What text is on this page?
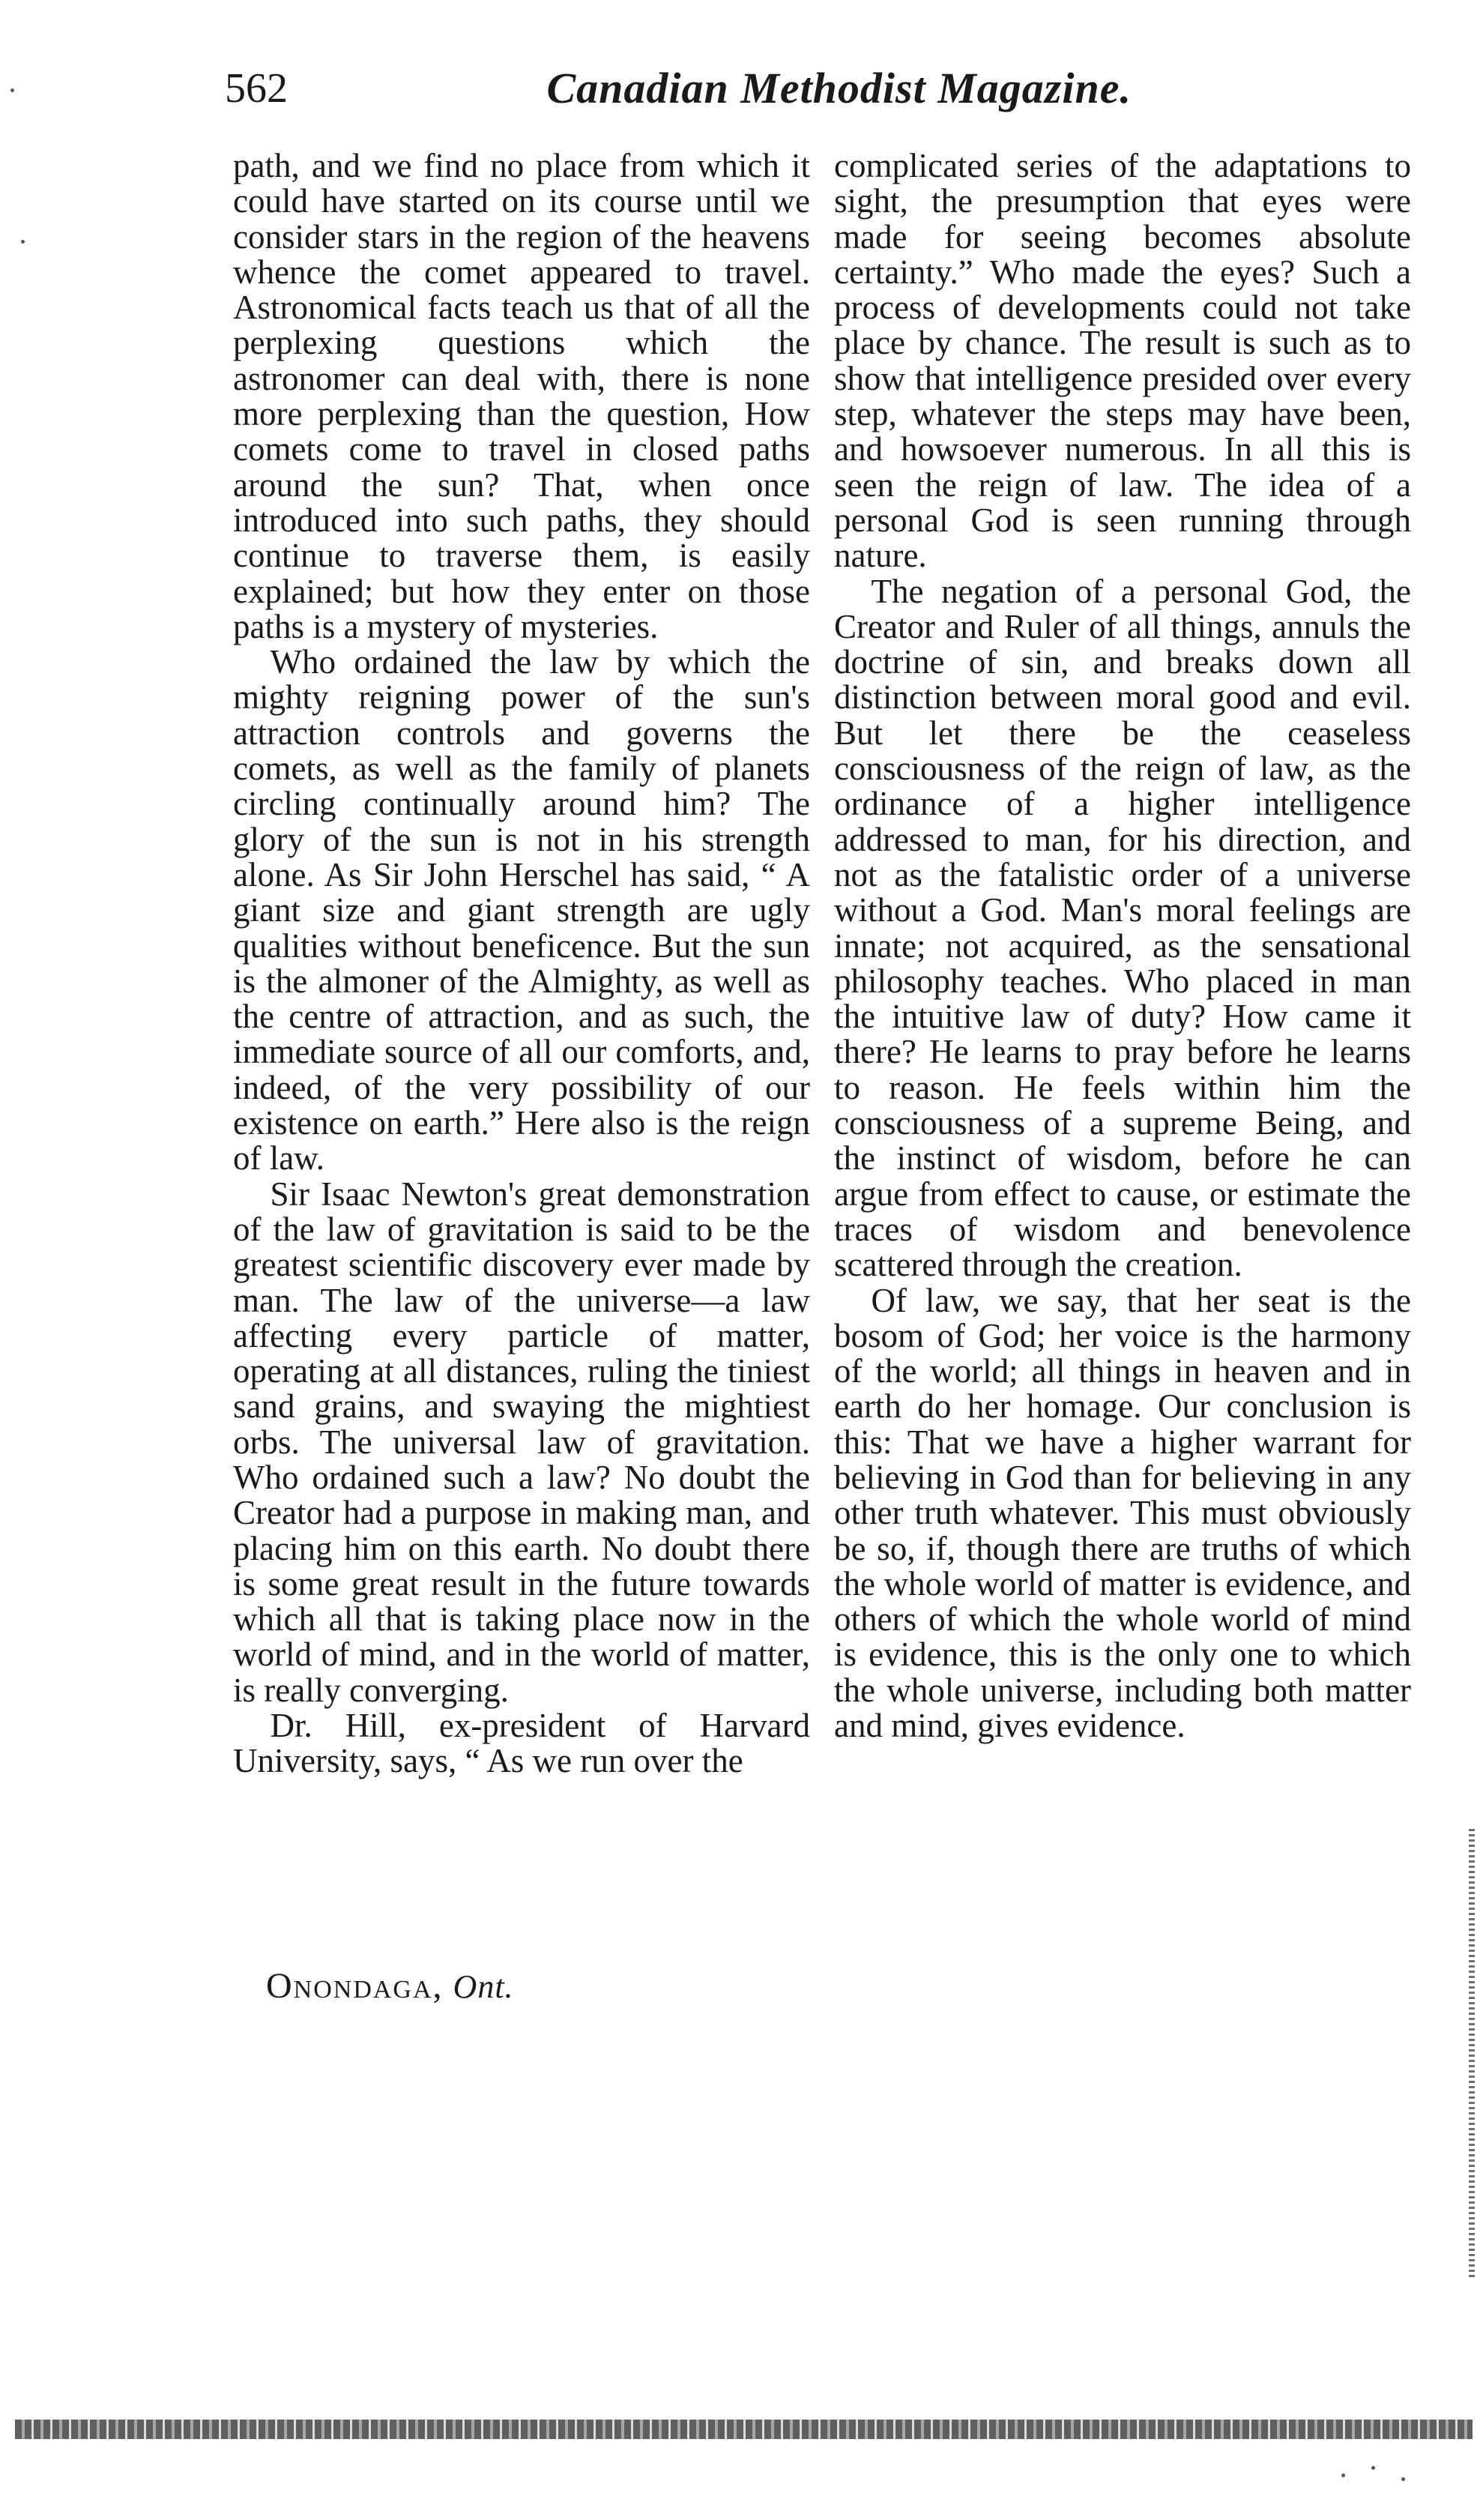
562	Canadian Methodist Magazine.

path, and we find no place from which it could have started on its course until we consider stars in the region of the heavens whence the comet appeared to travel. Astronomical facts teach us that of all the perplexing questions which the astronomer can deal with, there is none more perplexing than the question, How comets come to travel in closed paths around the sun? That, when once introduced into such paths, they should continue to traverse them, is easily explained; but how they enter on those paths is a mystery of mysteries.

Who ordained the law by which the mighty reigning power of the sun's attraction controls and governs the comets, as well as the family of planets circling continually around him? The glory of the sun is not in his strength alone. As Sir John Herschel has said, “ A giant size and giant strength are ugly qualities without beneficence. But the sun is the almoner of the Almighty, as well as the centre of attraction, and as such, the immediate source of all our comforts, and, indeed, of the very possibility of our existence on earth.” Here also is the reign of law.

Sir Isaac Newton's great demonstration of the law of gravitation is said to be the greatest scientific discovery ever made by man. The law of the universe—a law affecting every particle of matter, operating at all distances, ruling the tiniest sand grains, and swaying the mightiest orbs. The universal law of gravitation. Who ordained such a law? No doubt the Creator had a purpose in making man, and placing him on this earth. No doubt there is some great result in the future towards which all that is taking place now in the world of mind, and in the world of matter, is really converging.

Dr. Hill, ex-president of Harvard University, says, “ As we run over the

complicated series of the adaptations to sight, the presumption that eyes were made for seeing becomes absolute certainty.” Who made the eyes? Such a process of developments could not take place by chance. The result is such as to show that intelligence presided over every step, whatever the steps may have been, and howsoever numerous. In all this is seen the reign of law. The idea of a personal God is seen running through nature.

The negation of a personal God, the Creator and Ruler of all things, annuls the doctrine of sin, and breaks down all distinction between moral good and evil. But let there be the ceaseless consciousness of the reign of law, as the ordinance of a higher intelligence addressed to man, for his direction, and not as the fatalistic order of a universe without a God. Man's moral feelings are innate; not acquired, as the sensational philosophy teaches. Who placed in man the intuitive law of duty? How came it there? He learns to pray before he learns to reason. He feels within him the consciousness of a supreme Being, and the instinct of wisdom, before he can argue from effect to cause, or estimate the traces of wisdom and benevolence scattered through the creation.

Of law, we say, that her seat is the bosom of God; her voice is the harmony of the world; all things in heaven and in earth do her homage. Our conclusion is this: That we have a higher warrant for believing in God than for believing in any other truth whatever. This must obviously be so, if, though there are truths of which the whole world of matter is evidence, and others of which the whole world of mind is evidence, this is the only one to which the whole universe, including both matter and mind, gives evidence.

Onondaga, Ont.
